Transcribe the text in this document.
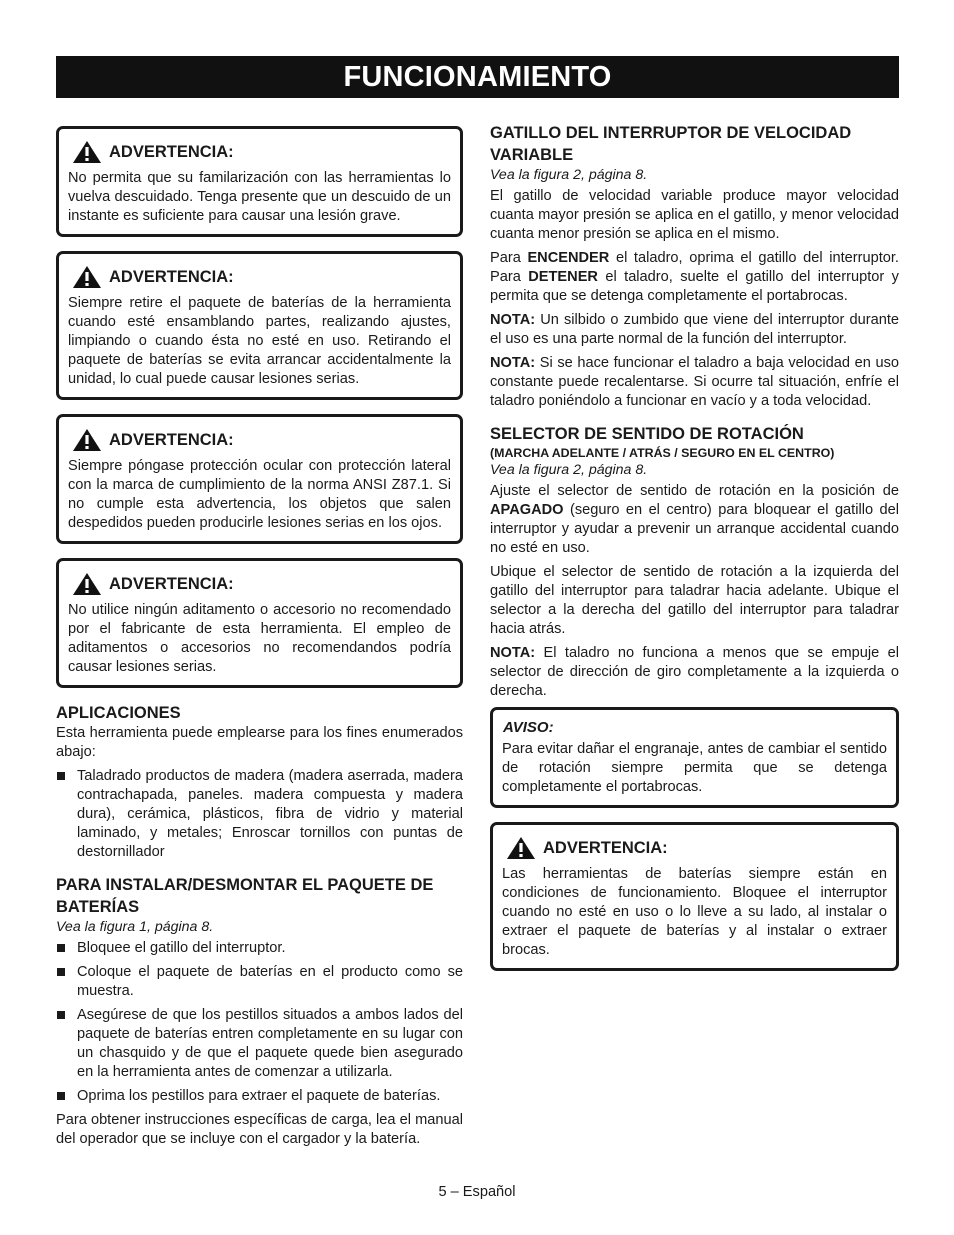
FUNCIONAMIENTO
ADVERTENCIA:

No permita que su familarización con las herramientas lo vuelva descuidado. Tenga presente que un descuido de un instante es suficiente para causar una lesión grave.

ADVERTENCIA:

Siempre retire el paquete de baterías de la herramienta cuando esté ensamblando partes, realizando ajustes, limpiando o cuando ésta no esté en uso. Retirando el paquete de baterías se evita arrancar accidentalmente la unidad, lo cual puede causar lesiones serias.

ADVERTENCIA:

Siempre póngase protección ocular con protección lateral con la marca de cumplimiento de la norma ANSI Z87.1. Si no cumple esta advertencia, los objetos que salen despedidos pueden producirle lesiones serias en los ojos.

ADVERTENCIA:

No utilice ningún aditamento o accesorio no recomendado por el fabricante de esta herramienta. El empleo de aditamentos o accesorios no recomendandos podría causar lesiones serias.

APLICACIONES

Esta herramienta puede emplearse para los fines enumerados abajo:

Taladrado productos de madera (madera aserrada, madera contrachapada, paneles. madera compuesta y madera dura), cerámica, plásticos, fibra de vidrio y material laminado, y metales; Enroscar tornillos con puntas de destornillador
PARA INSTALAR/DESMONTAR EL PAQUETE DE BATERÍAS
Vea la figura 1, página 8.
Bloquee el gatillo del interruptor.
Coloque el paquete de baterías en el producto como se muestra.
Asegúrese de que los pestillos situados a ambos lados del paquete de baterías entren completamente en su lugar con un chasquido y de que el paquete quede bien asegurado en la herramienta antes de comenzar a utilizarla.
Oprima los pestillos para extraer el paquete de baterías.

Para obtener instrucciones específicas de carga, lea el manual del operador que se incluye con el cargador y la batería.

GATILLO DEL INTERRUPTOR DE VELOCIDAD VARIABLE
Vea la figura 2, página 8.

El gatillo de velocidad variable produce mayor velocidad cuanta mayor presión se aplica en el gatillo, y menor velocidad cuanta menor presión se aplica en el mismo.

Para ENCENDER el taladro, oprima el gatillo del interruptor. Para DETENER el taladro, suelte el gatillo del interruptor y permita que se detenga completamente el portabrocas.

NOTA: Un silbido o zumbido que viene del interruptor durante el uso es una parte normal de la función del interruptor.

NOTA: Si se hace funcionar el taladro a baja velocidad en uso constante puede recalentarse. Si ocurre tal situación, enfríe el taladro poniéndolo a funcionar en vacío y a toda velocidad.

SELECTOR DE SENTIDO DE ROTACIÓN
(MARCHA ADELANTE / ATRÁS / SEGURO EN EL CENTRO)
Vea la figura 2, página 8.

Ajuste el selector de sentido de rotación en la posición de APAGADO (seguro en el centro) para bloquear el gatillo del interruptor y ayudar a prevenir un arranque accidental cuando no esté en uso.

Ubique el selector de sentido de rotación a la izquierda del gatillo del interruptor para taladrar hacia adelante. Ubique el selector a la derecha del gatillo del interruptor para taladrar hacia atrás.

NOTA: El taladro no funciona a menos que se empuje el selector de dirección de giro completamente a la izquierda o derecha.

AVISO:

Para evitar dañar el engranaje, antes de cambiar el sentido de rotación siempre permita que se detenga completamente el portabrocas.

ADVERTENCIA:

Las herramientas de baterías siempre están en condiciones de funcionamiento. Bloquee el interruptor cuando no esté en uso o lo lleve a su lado, al instalar o extraer el paquete de baterías y al instalar o extraer brocas.

5 – Español
